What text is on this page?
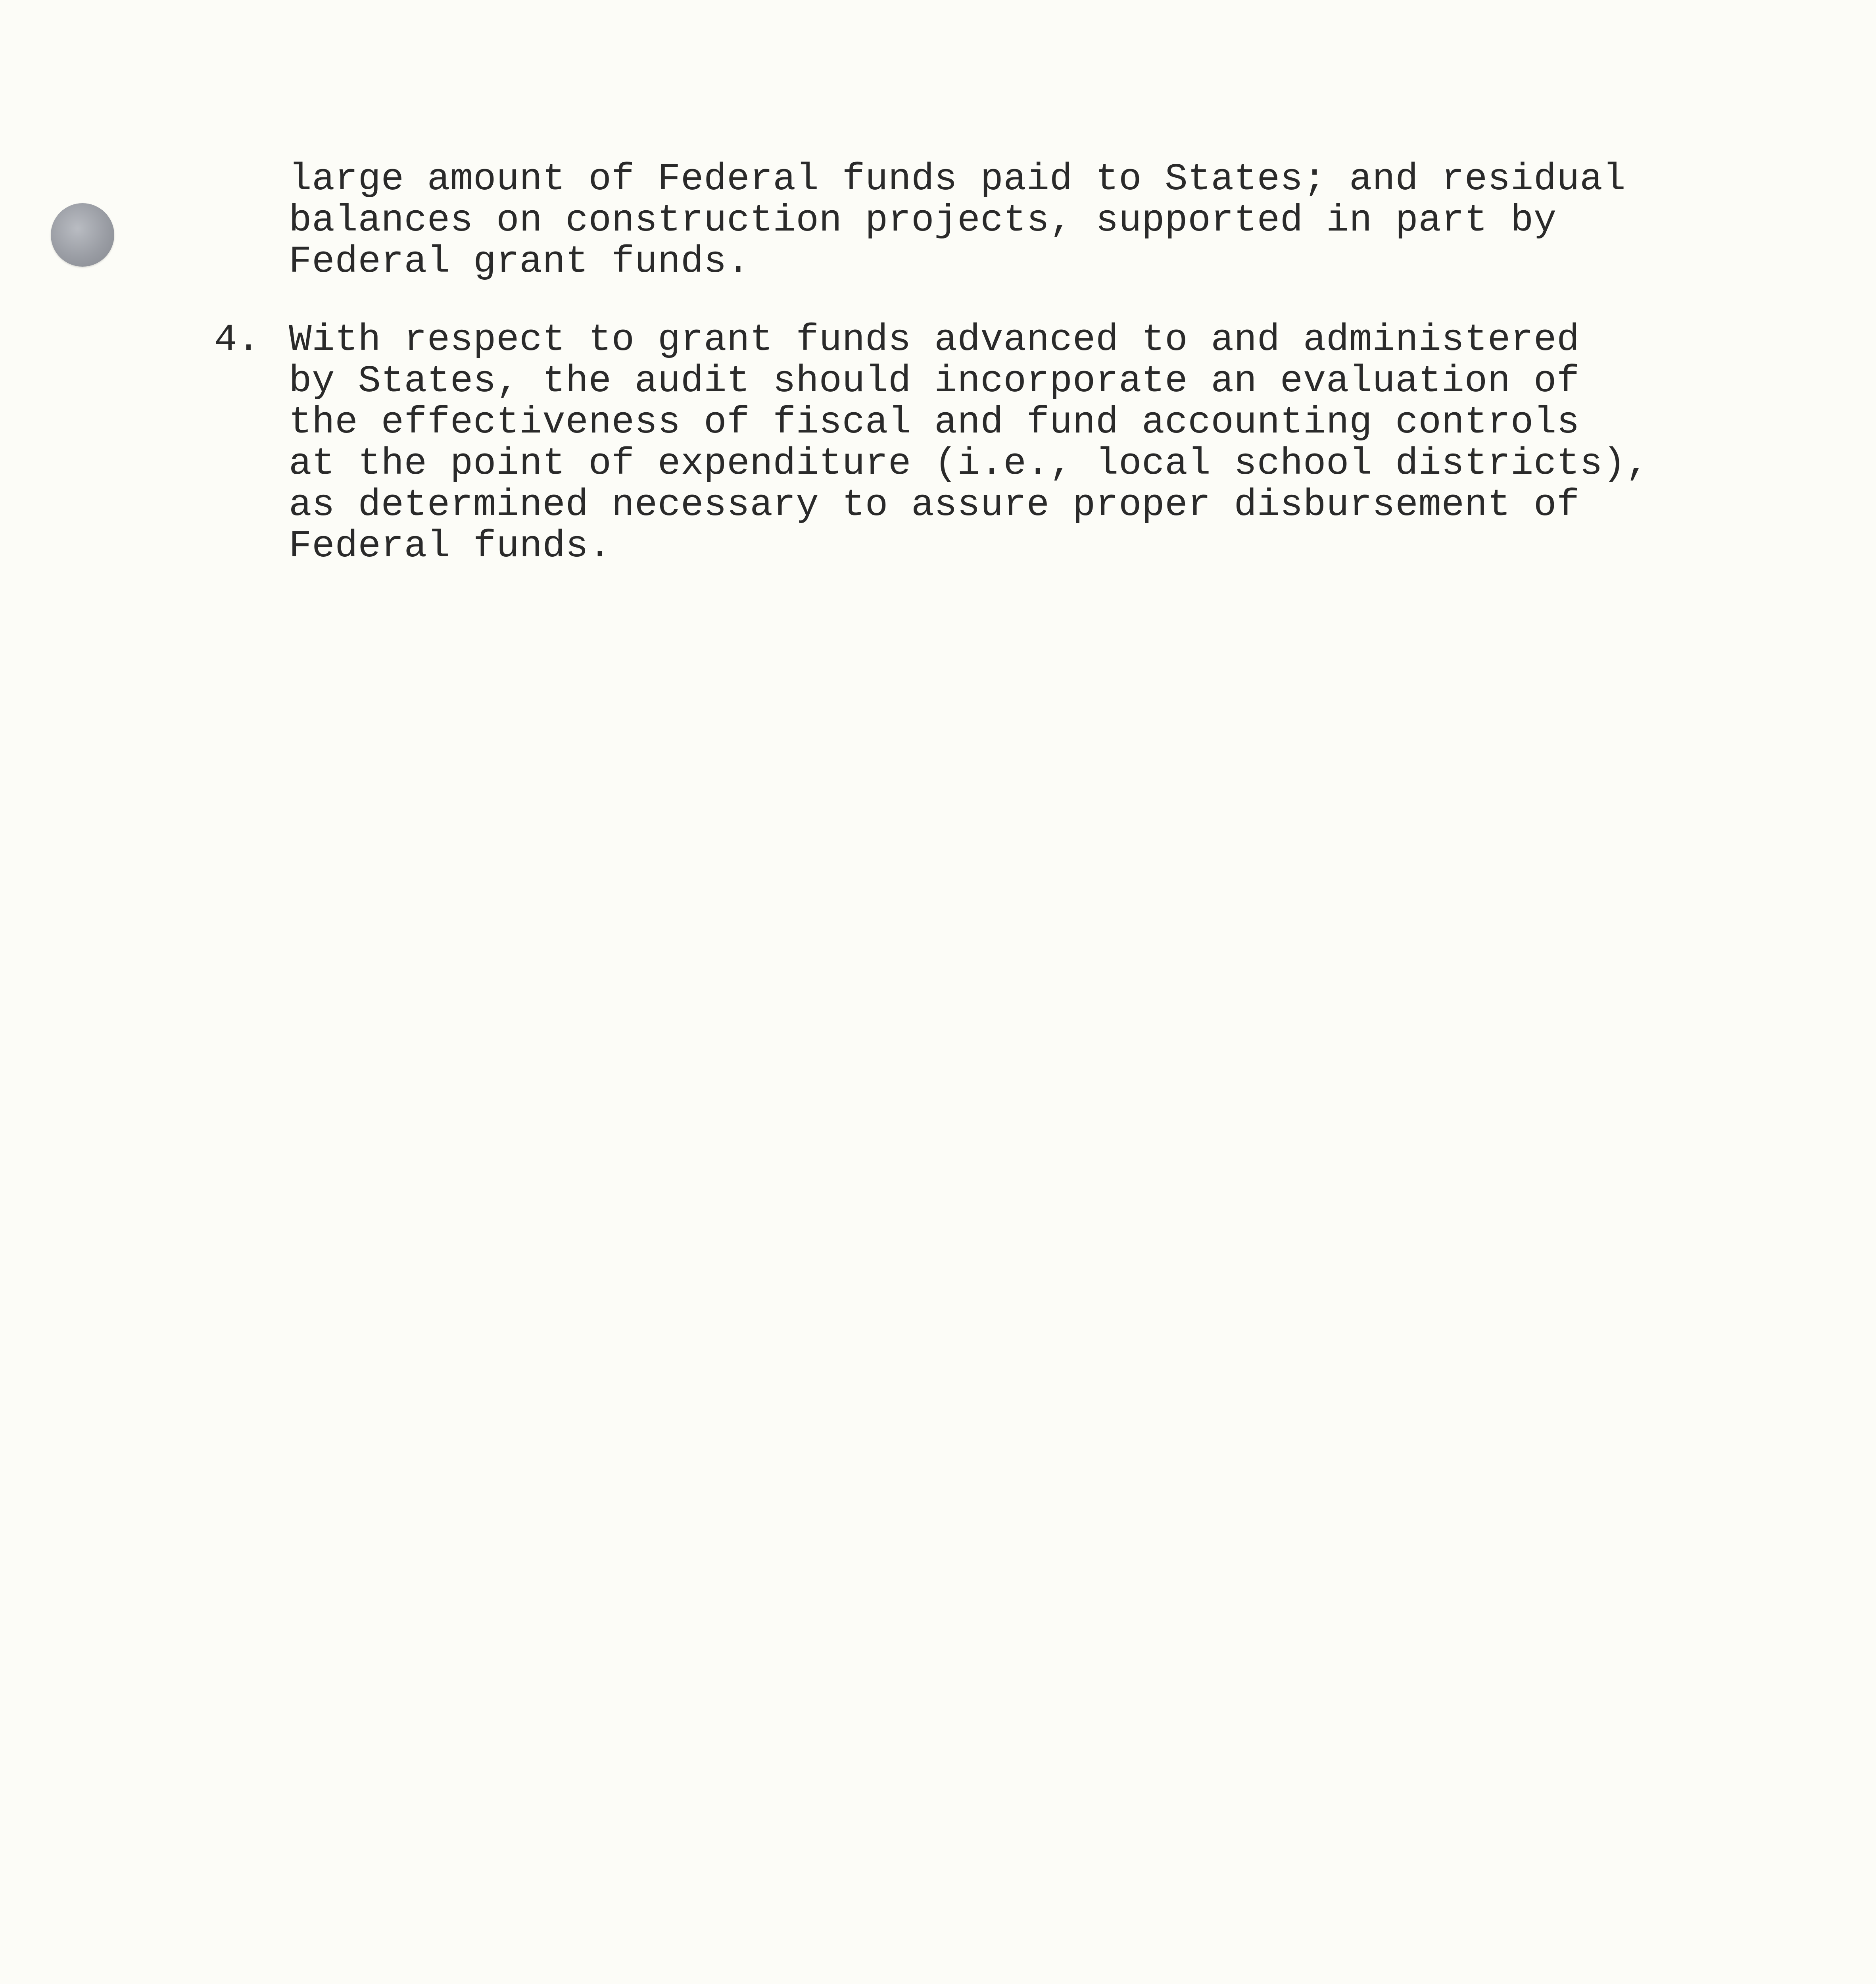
large amount of Federal funds paid to States; and residual
balances on construction projects, supported in part by
Federal grant funds.
4. With respect to grant funds advanced to and administered
by States, the audit should incorporate an evaluation of
the effectiveness of fiscal and fund accounting controls
at the point of expenditure (i.e., local school districts),
as determined necessary to assure proper disbursement of
Federal funds.
